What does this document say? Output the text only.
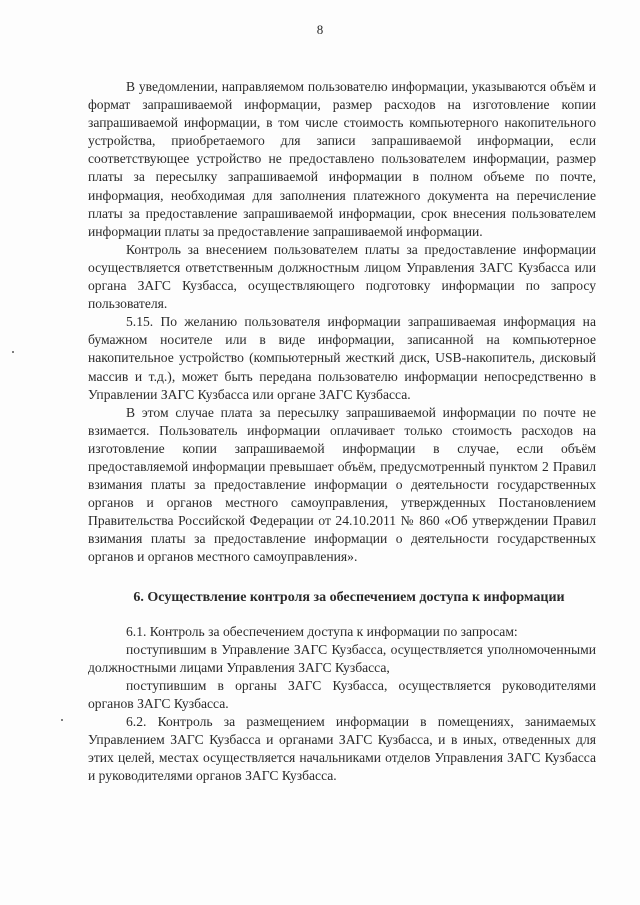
8

В уведомлении, направляемом пользователю информации, указываются объём и формат запрашиваемой информации, размер расходов на изготовление копии запрашиваемой информации, в том числе стоимость компьютерного накопительного устройства, приобретаемого для записи запрашиваемой информации, если соответствующее устройство не предоставлено пользователем информации, размер платы за пересылку запрашиваемой информации в полном объеме по почте, информация, необходимая для заполнения платежного документа на перечисление платы за предоставление запрашиваемой информации, срок внесения пользователем информации платы за предоставление запрашиваемой информации.

Контроль за внесением пользователем платы за предоставление информации осуществляется ответственным должностным лицом Управления ЗАГС Кузбасса или органа ЗАГС Кузбасса, осуществляющего подготовку информации по запросу пользователя.

5.15. По желанию пользователя информации запрашиваемая информация на бумажном носителе или в виде информации, записанной на компьютерное накопительное устройство (компьютерный жесткий диск, USB-накопитель, дисковый массив и т.д.), может быть передана пользователю информации непосредственно в Управлении ЗАГС Кузбасса или органе ЗАГС Кузбасса.

В этом случае плата за пересылку запрашиваемой информации по почте не взимается. Пользователь информации оплачивает только стоимость расходов на изготовление копии запрашиваемой информации в случае, если объём предоставляемой информации превышает объём, предусмотренный пунктом 2 Правил взимания платы за предоставление информации о деятельности государственных органов и органов местного самоуправления, утвержденных Постановлением Правительства Российской Федерации от 24.10.2011 № 860 «Об утверждении Правил взимания платы за предоставление информации о деятельности государственных органов и органов местного самоуправления».

6. Осуществление контроля за обеспечением доступа к информации

6.1. Контроль за обеспечением доступа к информации по запросам:

поступившим в Управление ЗАГС Кузбасса, осуществляется уполномоченными должностными лицами Управления ЗАГС Кузбасса,

поступившим в органы ЗАГС Кузбасса, осуществляется руководителями органов ЗАГС Кузбасса.

6.2. Контроль за размещением информации в помещениях, занимаемых Управлением ЗАГС Кузбасса и органами ЗАГС Кузбасса, и в иных, отведенных для этих целей, местах осуществляется начальниками отделов Управления ЗАГС Кузбасса и руководителями органов ЗАГС Кузбасса.
